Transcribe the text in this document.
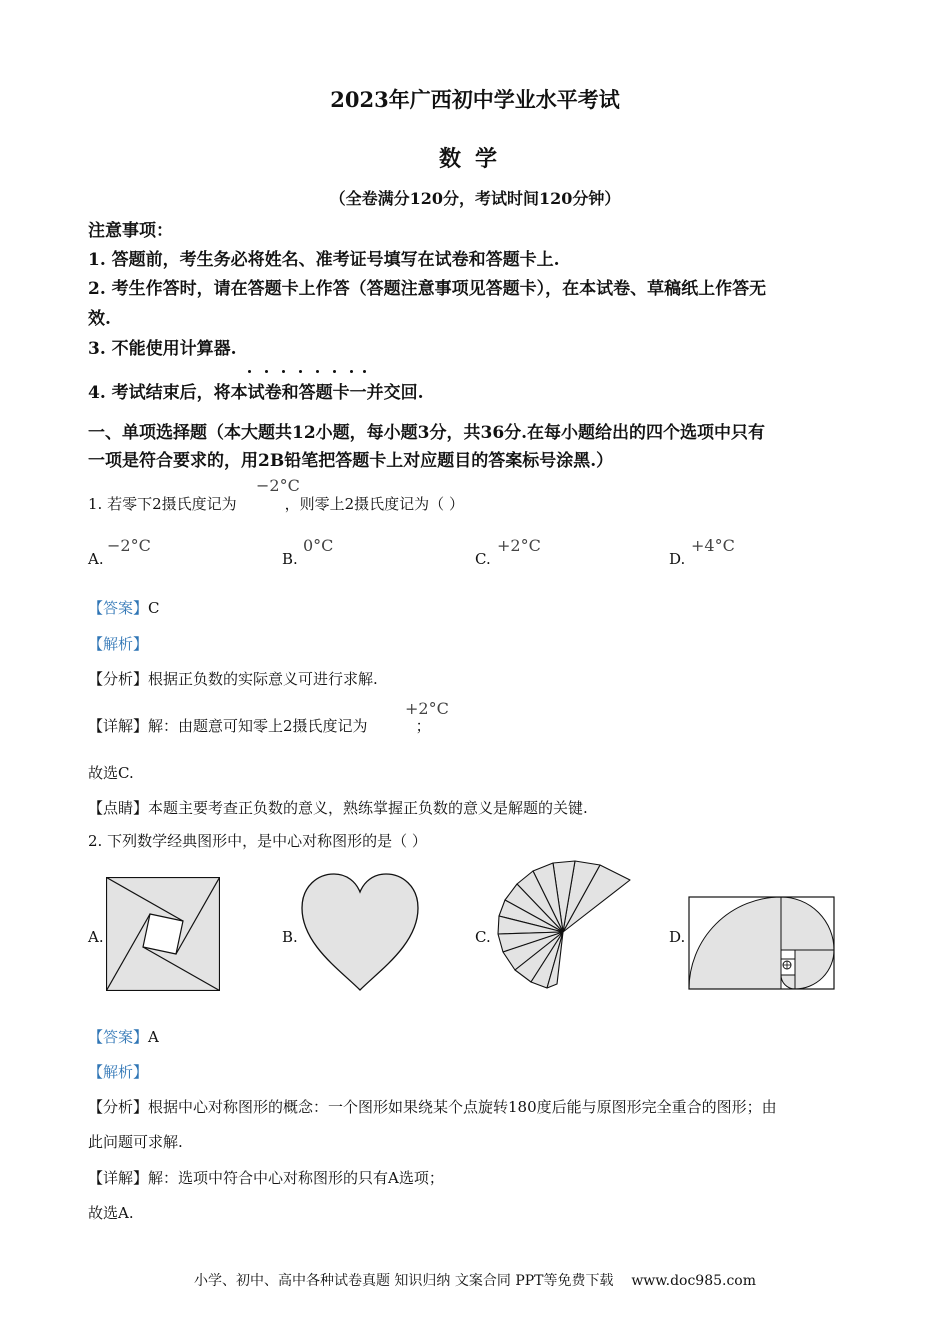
2023年广西初中学业水平考试
数学
（全卷满分120分，考试时间120分钟）
注意事项：
1. 答题前，考生务必将姓名、准考证号填写在试卷和答题卡上.
2. 考生作答时，请在答题卡上作答（答题注意事项见答题卡），在本试卷、草稿纸上作答无
效.
3. 不能使用计算器.
4. 考试结束后，将本试卷和答题卡一并交回.
一、单项选择题（本大题共12小题，每小题3分，共36分.在每小题给出的四个选项中只有
一项是符合要求的，用2B铅笔把答题卡上对应题目的答案标号涂黑.）
1. 若零下2摄氏度记为	，则零上2摄氏度记为（ ）
−2°C
A.
−2°C
B.
0°C
C.
+2°C
D.
+4°C
【答案】C
【解析】
【分析】根据正负数的实际意义可进行求解.
【详解】解：由题意可知零上2摄氏度记为	；
+2°C
故选C.
【点睛】本题主要考查正负数的意义，熟练掌握正负数的意义是解题的关键.
2. 下列数学经典图形中，是中心对称图形的是（ ）
A.	B.	C.	D.
【答案】A
【解析】
【分析】根据中心对称图形的概念：一个图形如果绕某个点旋转180度后能与原图形完全重合的图形；由
此问题可求解.
【详解】解：选项中符合中心对称图形的只有A选项；
故选A.
小学、初中、高中各种试卷真题 知识归纳 文案合同 PPT等免费下载 www.doc985.com
